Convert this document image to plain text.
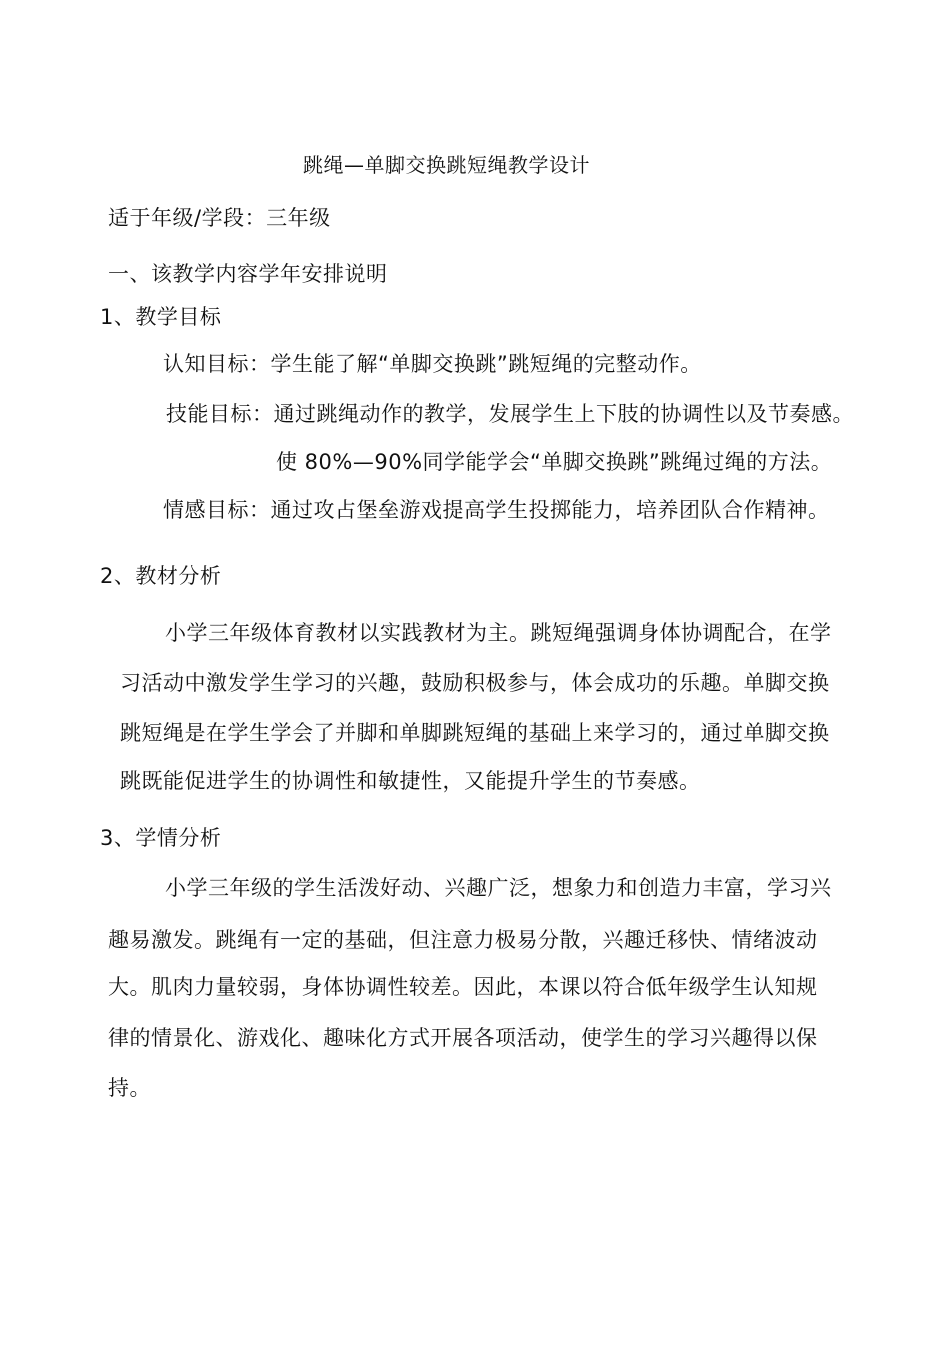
跳绳—单脚交换跳短绳教学设计
适于年级/学段：三年级
一、该教学内容学年安排说明
1、教学目标
认知目标：学生能了解“单脚交换跳”跳短绳的完整动作。
技能目标：通过跳绳动作的教学，发展学生上下肢的协调性以及节奏感。
使 80%—90%同学能学会“单脚交换跳”跳绳过绳的方法。
情感目标：通过攻占堡垒游戏提高学生投掷能力，培养团队合作精神。
2、教材分析
小学三年级体育教材以实践教材为主。跳短绳强调身体协调配合，在学
习活动中激发学生学习的兴趣，鼓励积极参与，体会成功的乐趣。单脚交换
跳短绳是在学生学会了并脚和单脚跳短绳的基础上来学习的，通过单脚交换
跳既能促进学生的协调性和敏捷性，又能提升学生的节奏感。
3、学情分析
小学三年级的学生活泼好动、兴趣广泛，想象力和创造力丰富，学习兴
趣易激发。跳绳有一定的基础，但注意力极易分散，兴趣迁移快、情绪波动
大。肌肉力量较弱，身体协调性较差。因此，本课以符合低年级学生认知规
律的情景化、游戏化、趣味化方式开展各项活动，使学生的学习兴趣得以保
持。
